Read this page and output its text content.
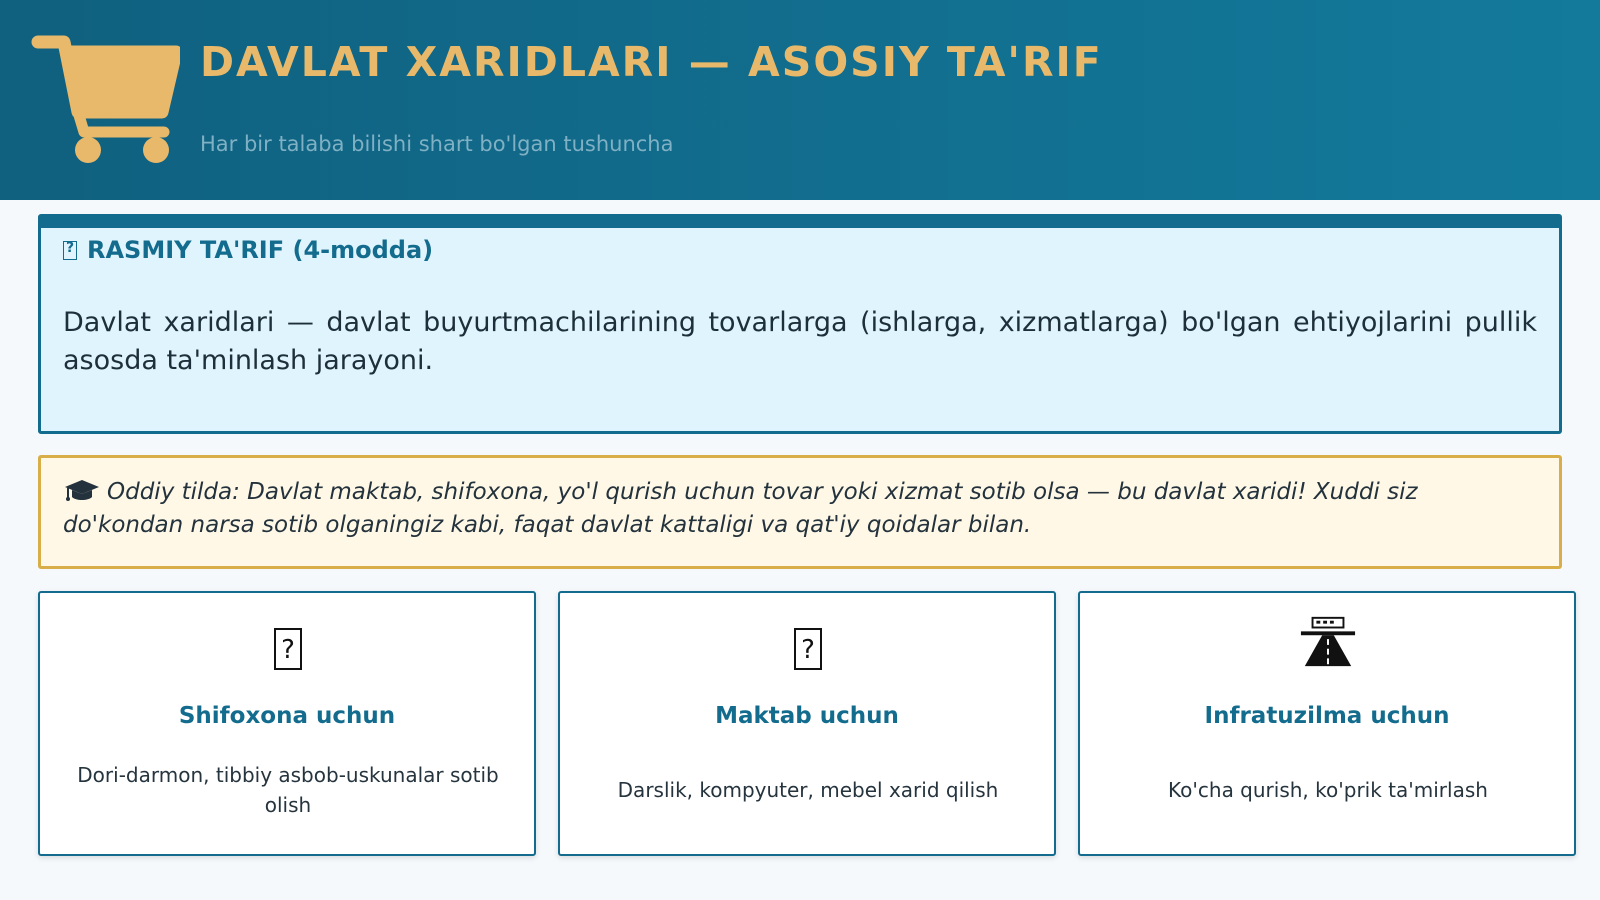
DAVLAT XARIDLARI — ASOSIY TA'RIF
Har bir talaba bilishi shart bo'lgan tushuncha
?RASMIY TA'RIF (4-modda)
Davlat xaridlari — davlat buyurtmachilarining tovarlarga (ishlarga, xizmatlarga) bo'lgan ehtiyojlarini pullik asosda ta'minlash jarayoni.
Oddiy tilda: Davlat maktab, shifoxona, yo'l qurish uchun tovar yoki xizmat sotib olsa — bu davlat xaridi! Xuddi siz do'kondan narsa sotib olganingiz kabi, faqat davlat kattaligi va qat'iy qoidalar bilan.
?
Shifoxona uchun
Dori-darmon, tibbiy asbob-uskunalar sotib olish
?
Maktab uchun
Darslik, kompyuter, mebel xarid qilish
Infratuzilma uchun
Ko'cha qurish, ko'prik ta'mirlash
